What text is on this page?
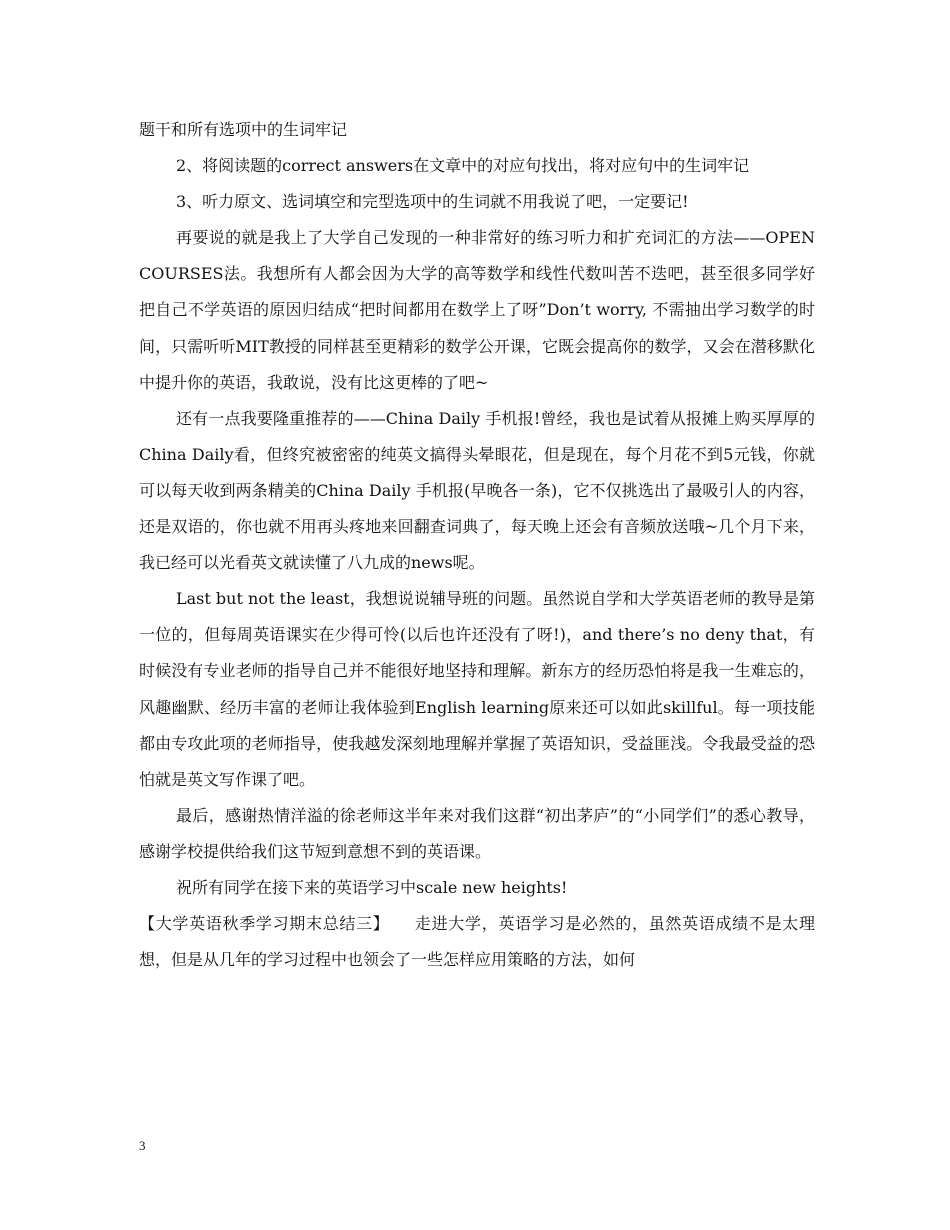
题干和所有选项中的生词牢记

2、将阅读题的correct answers在文章中的对应句找出，将对应句中的生词牢记

3、听力原文、选词填空和完型选项中的生词就不用我说了吧，一定要记!

再要说的就是我上了大学自己发现的一种非常好的练习听力和扩充词汇的方法——OPEN COURSES法。我想所有人都会因为大学的高等数学和线性代数叫苦不迭吧，甚至很多同学好把自己不学英语的原因归结成“把时间都用在数学上了呀”Don’t worry, 不需抽出学习数学的时间，只需听听MIT教授的同样甚至更精彩的数学公开课，它既会提高你的数学，又会在潜移默化中提升你的英语，我敢说，没有比这更棒的了吧~

还有一点我要隆重推荐的——China Daily 手机报!曾经，我也是试着从报摊上购买厚厚的China Daily看，但终究被密密的纯英文搞得头晕眼花，但是现在，每个月花不到5元钱，你就可以每天收到两条精美的China Daily 手机报(早晚各一条)，它不仅挑选出了最吸引人的内容，还是双语的，你也就不用再头疼地来回翻查词典了，每天晚上还会有音频放送哦~几个月下来，我已经可以光看英文就读懂了八九成的news呢。

Last but not the least，我想说说辅导班的问题。虽然说自学和大学英语老师的教导是第一位的，但每周英语课实在少得可怜(以后也许还没有了呀!)，and there’s no deny that，有时候没有专业老师的指导自己并不能很好地坚持和理解。新东方的经历恐怕将是我一生难忘的，风趣幽默、经历丰富的老师让我体验到English learning原来还可以如此skillful。每一项技能都由专攻此项的老师指导，使我越发深刻地理解并掌握了英语知识，受益匪浅。令我最受益的恐怕就是英文写作课了吧。

最后，感谢热情洋溢的徐老师这半年来对我们这群“初出茅庐”的“小同学们”的悉心教导，感谢学校提供给我们这节短到意想不到的英语课。

祝所有同学在接下来的英语学习中scale new heights!

【大学英语秋季学习期末总结三】　　走进大学，英语学习是必然的，虽然英语成绩不是太理想，但是从几年的学习过程中也领会了一些怎样应用策略的方法，如何

3
